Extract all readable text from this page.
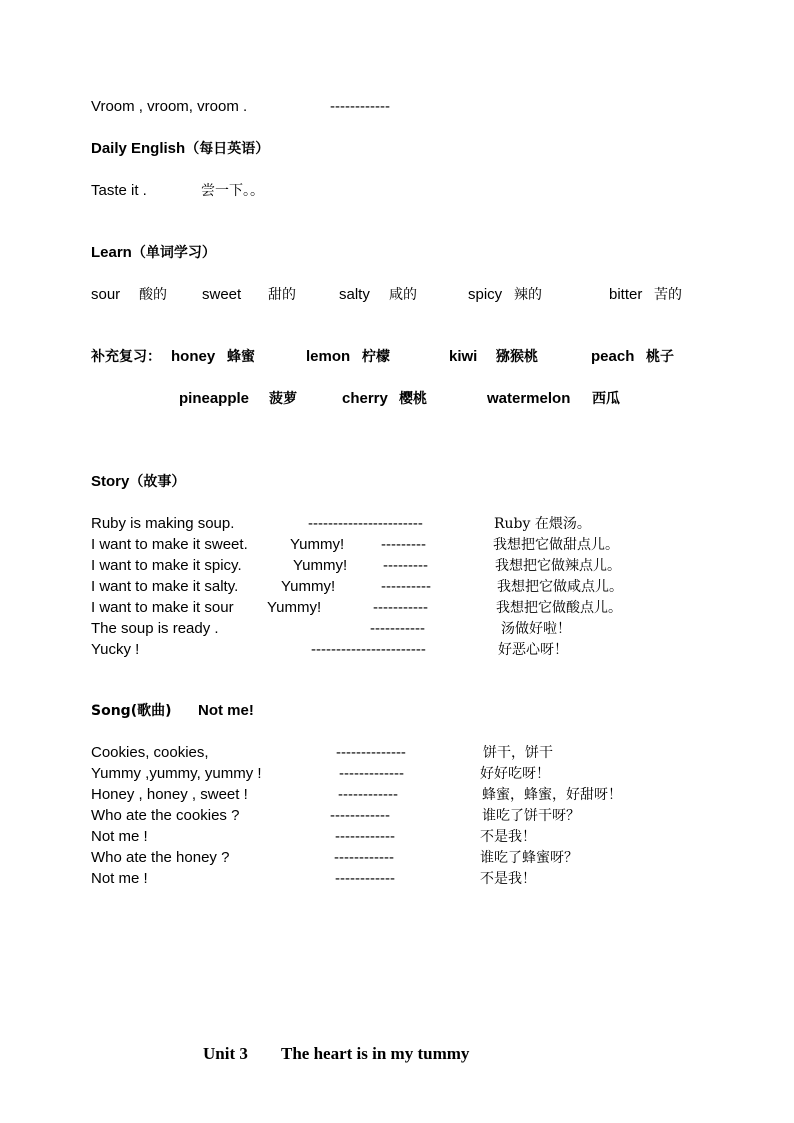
Vroom , vroom, vroom .	------------
Daily English（每日英语）
Taste it .	尝一下。。
Learn（单词学习）
sour 酸的 sweet 甜的	salty 咸的	spicy 辣的	bitter 苦的
补充复习： honey 蜂蜜	lemon 柠檬	kiwi 猕猴桃	peach 桃子
pineapple 菠萝	cherry 樱桃	watermelon 西瓜
Story（故事）
Ruby is making soup.	-----------------------	Ruby 在煨汤。
I want to make it sweet.	Yummy! ---------	我想把它做甜点儿。
I want to make it spicy.	Yummy! ---------	我想把它做辣点儿。
I want to make it salty.	Yummy!	----------	我想把它做咸点儿。
I want to make it sour Yummy!	-----------	我想把它做酸点儿。
The soup is ready .	-----------	汤做好啦！
Yucky !	-----------------------	好恶心呀！
Song(歌曲) Not me!
Cookies, cookies,	--------------	饼干，饼干
Yummy ,yummy, yummy !	-------------	好好吃呀！
Honey , honey , sweet !	------------	蜂蜜，蜂蜜，好甜呀！
Who ate the cookies ?	------------	谁吃了饼干呀？
Not me !	------------	不是我！
Who ate the honey ?	------------	谁吃了蜂蜜呀？
Not me !	------------	不是我！
Unit 3 The heart is in my tummy
